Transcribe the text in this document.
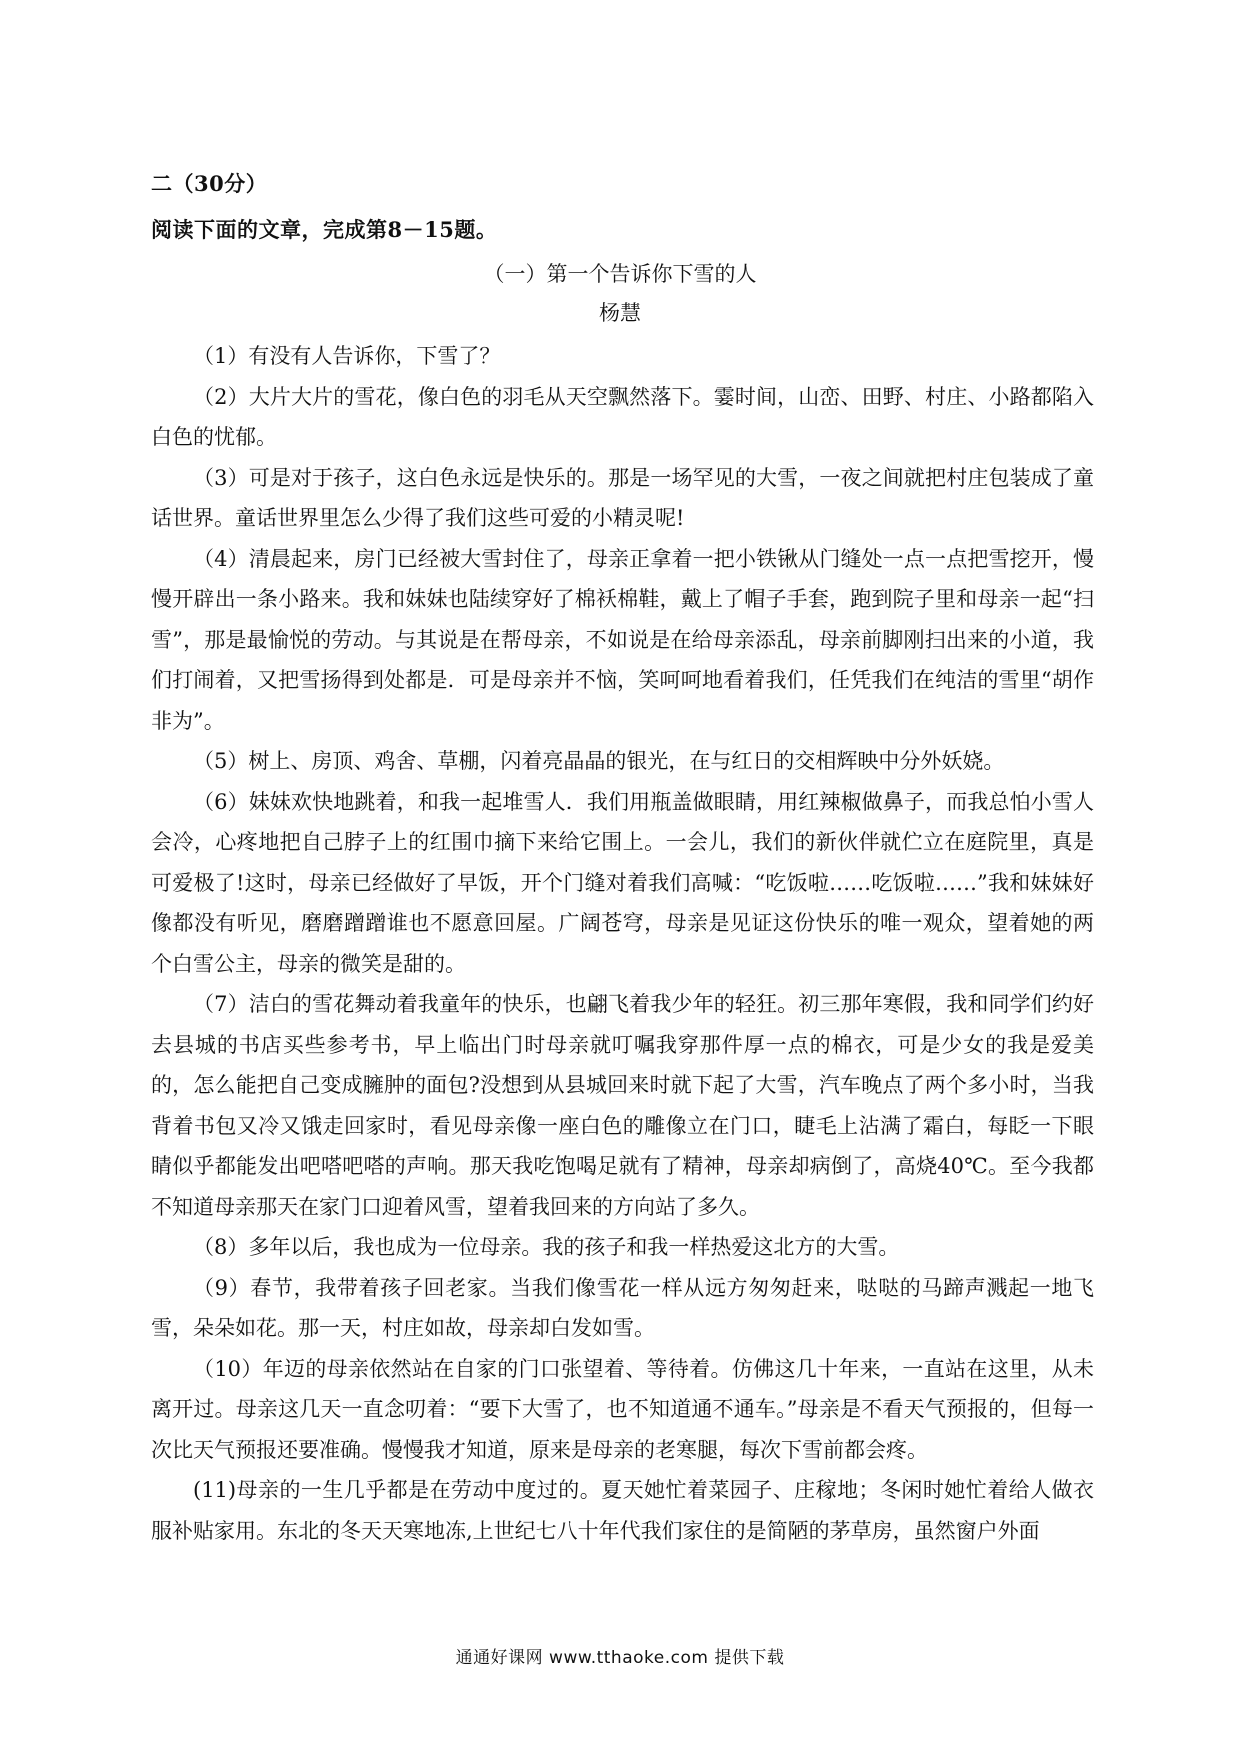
二（30分）
阅读下面的文章，完成第8－15题。
（一）第一个告诉你下雪的人
杨慧

（1）有没有人告诉你，下雪了？

（2）大片大片的雪花，像白色的羽毛从天空飘然落下。霎时间，山峦、田野、村庄、小路都陷入白色的忧郁。

（3）可是对于孩子，这白色永远是快乐的。那是一场罕见的大雪，一夜之间就把村庄包装成了童话世界。童话世界里怎么少得了我们这些可爱的小精灵呢!

（4）清晨起来，房门已经被大雪封住了，母亲正拿着一把小铁锹从门缝处一点一点把雪挖开，慢慢开辟出一条小路来。我和妹妹也陆续穿好了棉袄棉鞋，戴上了帽子手套，跑到院子里和母亲一起“扫雪”，那是最愉悦的劳动。与其说是在帮母亲，不如说是在给母亲添乱，母亲前脚刚扫出来的小道，我们打闹着，又把雪扬得到处都是．可是母亲并不恼，笑呵呵地看着我们，任凭我们在纯洁的雪里“胡作非为”。

（5）树上、房顶、鸡舍、草棚，闪着亮晶晶的银光，在与红日的交相辉映中分外妖娆。

（6）妹妹欢快地跳着，和我一起堆雪人．我们用瓶盖做眼睛，用红辣椒做鼻子，而我总怕小雪人会冷，心疼地把自己脖子上的红围巾摘下来给它围上。一会儿，我们的新伙伴就伫立在庭院里，真是可爱极了!这时，母亲已经做好了早饭，开个门缝对着我们高喊：“吃饭啦……吃饭啦……”我和妹妹好像都没有听见，磨磨蹭蹭谁也不愿意回屋。广阔苍穹，母亲是见证这份快乐的唯一观众，望着她的两个白雪公主，母亲的微笑是甜的。

（7）洁白的雪花舞动着我童年的快乐，也翩飞着我少年的轻狂。初三那年寒假，我和同学们约好去县城的书店买些参考书，早上临出门时母亲就叮嘱我穿那件厚一点的棉衣，可是少女的我是爱美的，怎么能把自己变成臃肿的面包?没想到从县城回来时就下起了大雪，汽车晚点了两个多小时，当我背着书包又冷又饿走回家时，看见母亲像一座白色的雕像立在门口，睫毛上沾满了霜白，每眨一下眼睛似乎都能发出吧嗒吧嗒的声响。那天我吃饱喝足就有了精神，母亲却病倒了，高烧40℃。至今我都不知道母亲那天在家门口迎着风雪，望着我回来的方向站了多久。

（8）多年以后，我也成为一位母亲。我的孩子和我一样热爱这北方的大雪。

（9）春节，我带着孩子回老家。当我们像雪花一样从远方匆匆赶来，哒哒的马蹄声溅起一地飞雪，朵朵如花。那一天，村庄如故，母亲却白发如雪。

（10）年迈的母亲依然站在自家的门口张望着、等待着。仿佛这几十年来，一直站在这里，从未离开过。母亲这几天一直念叨着：“要下大雪了，也不知道通不通车。”母亲是不看天气预报的，但每一次比天气预报还要准确。慢慢我才知道，原来是母亲的老寒腿，每次下雪前都会疼。

(11)母亲的一生几乎都是在劳动中度过的。夏天她忙着菜园子、庄稼地；冬闲时她忙着给人做衣服补贴家用。东北的冬天天寒地冻,上世纪七八十年代我们家住的是简陋的茅草房，虽然窗户外面

通通好课网 www.tthaoke.com 提供下载
